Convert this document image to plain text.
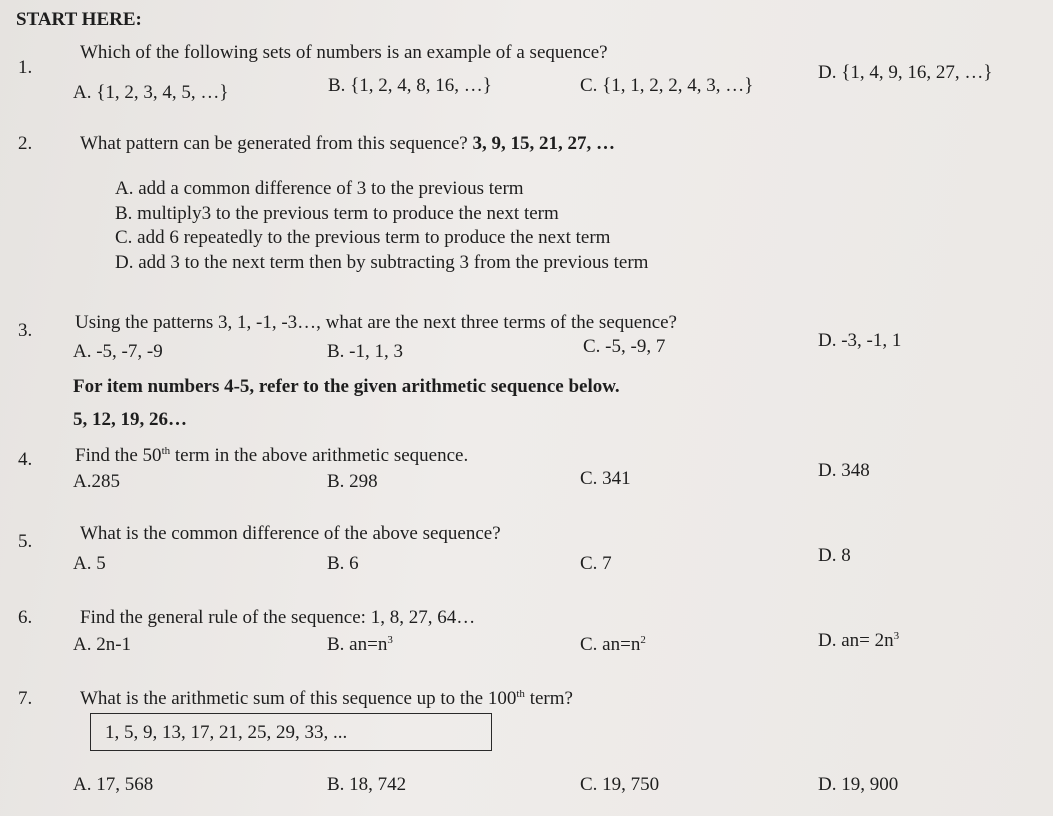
START HERE:
1.
Which of the following sets of numbers is an example of a sequence?
A. {1, 2, 3, 4, 5, …}	B. {1, 2, 4, 8, 16, …}	C. {1, 1, 2, 2, 4, 3, …}
D. {1, 4, 9, 16, 27, …}
2.	What pattern can be generated from this sequence? 3, 9, 15, 21, 27, …
A. add a common difference of 3 to the previous term
B. multiply3 to the previous term to produce the next term
C. add 6 repeatedly to the previous term to produce the next term
D. add 3 to the next term then by subtracting 3 from the previous term
3. Using the patterns 3, 1, -1, -3…, what are the next three terms of the sequence?
A. -5, -7, -9	B. -1, 1, 3	C. -5, -9, 7	D. -3, -1, 1
For item numbers 4-5, refer to the given arithmetic sequence below.
5, 12, 19, 26…
4. Find the 50th term in the above arithmetic sequence.
A.285	B. 298	C. 341	D. 348
5.	What is the common difference of the above sequence?
A. 5	B. 6	C. 7	D. 8
6.	Find the general rule of the sequence: 1, 8, 27, 64…
A. 2n-1	B. $an=n^3$	C. $an=n^2$	D. $an= 2n^3$
7.	What is the arithmetic sum of this sequence up to the 100th term?
1, 5, 9, 13, 17, 21, 25, 29, 33, ...
A. 17, 568	B. 18, 742	C. 19, 750	D. 19, 900
